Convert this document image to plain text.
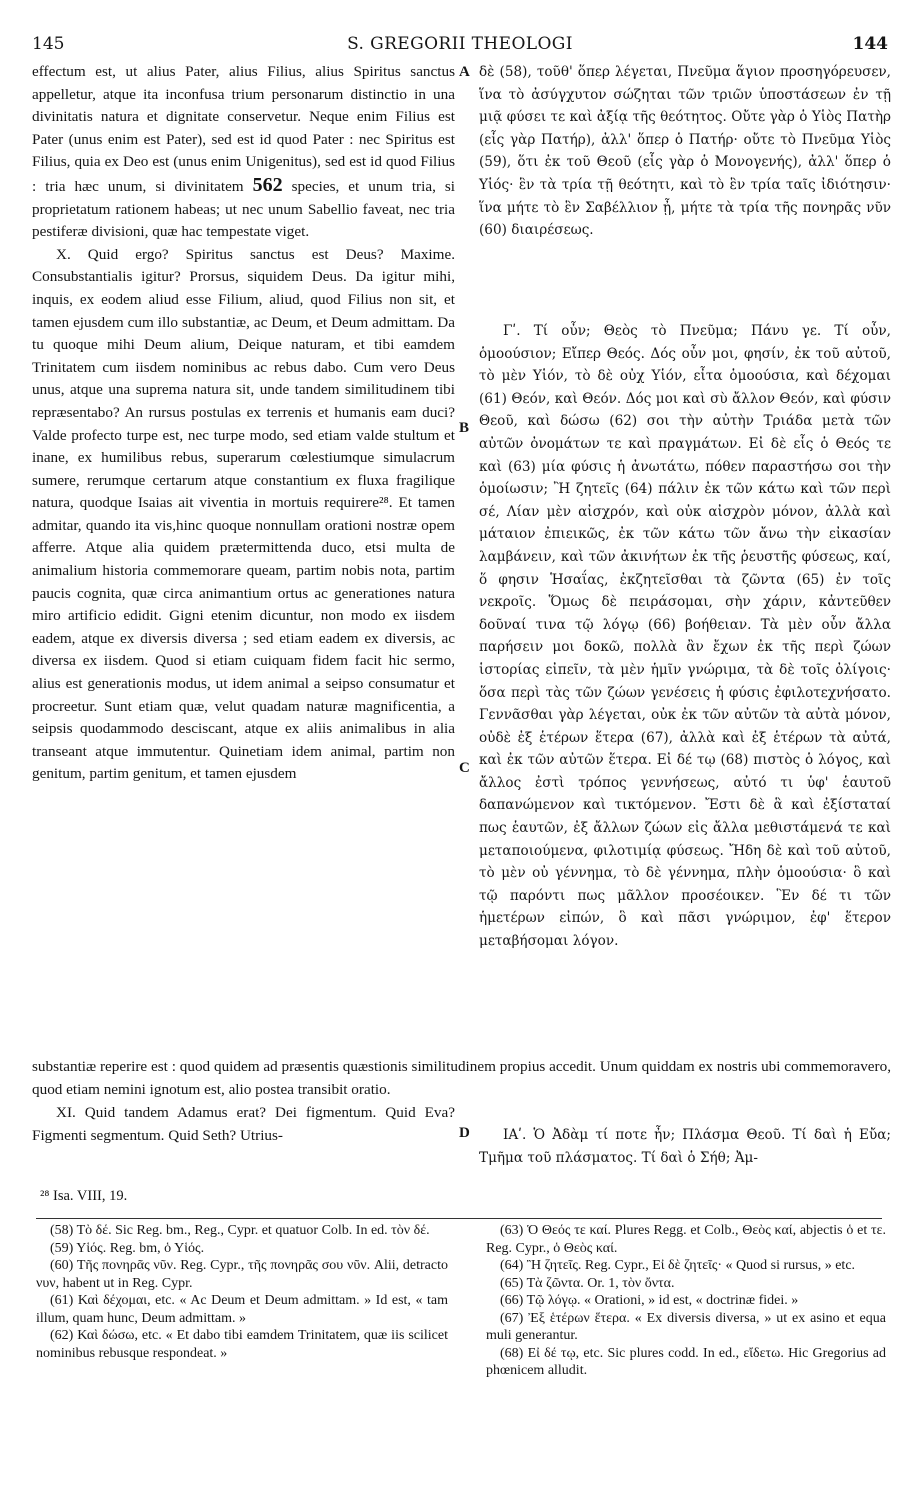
145	S. GREGORII THEOLOGI	144

effectum est, ut alius Pater, alius Filius, alius Spiritus sanctus appelletur, atque ita inconfusa trium personarum distinctio in una divinitatis natura et dignitate conservetur. Neque enim Filius est Pater (unus enim est Pater), sed est id quod Pater : nec Spiritus est Filius, quia ex Deo est (unus enim Unigenitus), sed est id quod Filius : tria hæc unum, si divinitatem 562 species, et unum tria, si proprietatum rationem habeas; ut nec unum Sabellio faveat, nec tria pestiferæ divisioni, quæ hac tempestate viget.

X. Quid ergo? Spiritus sanctus est Deus? Maxime. Consubstantialis igitur? Prorsus, siquidem Deus. Da igitur mihi, inquis, ex eodem aliud esse Filium, aliud, quod Filius non sit, et tamen ejusdem cum illo substantiæ, ac Deum, et Deum admittam. Da tu quoque mihi Deum alium, Deique naturam, et tibi eamdem Trinitatem cum iisdem nominibus ac rebus dabo. Cum vero Deus unus, atque una suprema natura sit, unde tandem similitudinem tibi repræsentabo? An rursus postulas ex terrenis et humanis eam duci? Valde profecto turpe est, nec turpe modo, sed etiam valde stultum et inane, ex humilibus rebus, superarum cœlestiumque simulacrum sumere, rerumque certarum atque constantium ex fluxa fragilique natura, quodque Isaias ait viventia in mortuis requirere²⁸. Et tamen admitar, quando ita vis,hinc quoque nonnullam orationi nostræ opem afferre. Atque alia quidem prætermittenda duco, etsi multa de animalium historia commemorare queam, partim nobis nota, partim paucis cognita, quæ circa animantium ortus ac generationes natura miro artificio edidit. Gigni etenim dicuntur, non modo ex iisdem eadem, atque ex diversis diversa ; sed etiam eadem ex diversis, ac diversa ex iisdem. Quod si etiam cuiquam fidem facit hic sermo, alius est generationis modus, ut idem animal a seipso consumatur et procreetur. Sunt etiam quæ, velut quadam naturæ magnificentia, a seipsis quodammodo desciscant, atque ex aliis animalibus in alia transeant atque immutentur. Quinetiam idem animal, partim non genitum, partim genitum, et tamen ejusdem

δὲ (58), τοῦθ' ὅπερ λέγεται, Πνεῦμα ἅγιον προσηγόρευσεν, ἵνα τὸ ἀσύγχυτον σώζηται τῶν τριῶν ὑποστάσεων ἐν τῇ μιᾷ φύσει τε καὶ ἀξίᾳ τῆς θεότητος. Οὔτε γὰρ ὁ Υἱὸς Πατὴρ (εἷς γὰρ Πατήρ), ἀλλ' ὅπερ ὁ Πατήρ· οὔτε τὸ Πνεῦμα Υἱὸς (59), ὅτι ἐκ τοῦ Θεοῦ (εἷς γὰρ ὁ Μονογενής), ἀλλ' ὅπερ ὁ Υἱός· ἓν τὰ τρία τῇ θεότητι, καὶ τὸ ἓν τρία ταῖς ἰδιότησιν· ἵνα μήτε τὸ ἓν Σαβέλλιον ᾖ, μήτε τὰ τρία τῆς πονηρᾶς νῦν (60) διαιρέσεως.

Γʹ. Τί οὖν; Θεὸς τὸ Πνεῦμα; Πάνυ γε. Τί οὖν, ὁμοούσιον; Εἴπερ Θεός. Δός οὖν μοι, φησίν, ἐκ τοῦ αὐτοῦ, τὸ μὲν Υἱόν, τὸ δὲ οὐχ Υἱόν, εἶτα ὁμοούσια, καὶ δέχομαι (61) Θεόν, καὶ Θεόν. Δός μοι καὶ σὺ ἄλλον Θεόν, καὶ φύσιν Θεοῦ, καὶ δώσω (62) σοι τὴν αὐτὴν Τριάδα μετὰ τῶν αὐτῶν ὀνομάτων τε καὶ πραγμάτων. Εἰ δὲ εἷς ὁ Θεός τε καὶ (63) μία φύσις ἡ ἀνωτάτω, πόθεν παραστήσω σοι τὴν ὁμοίωσιν; Ἢ ζητεῖς (64) πάλιν ἐκ τῶν κάτω καὶ τῶν περὶ σέ, Λίαν μὲν αἰσχρόν, καὶ οὐκ αἰσχρὸν μόνον, ἀλλὰ καὶ μάταιον ἐπιεικῶς, ἐκ τῶν κάτω τῶν ἄνω τὴν εἰκασίαν λαμβάνειν, καὶ τῶν ἀκινήτων ἐκ τῆς ῥευστῆς φύσεως, καί, ὅ φησιν Ἡσαΐας, ἐκζητεῖσθαι τὰ ζῶντα (65) ἐν τοῖς νεκροῖς. Ὅμως δὲ πειράσομαι, σὴν χάριν, κἀντεῦθεν δοῦναί τινα τῷ λόγῳ (66) βοήθειαν. Τὰ μὲν οὖν ἄλλα παρήσειν μοι δοκῶ, πολλὰ ἂν ἔχων ἐκ τῆς περὶ ζώων ἱστορίας εἰπεῖν, τὰ μὲν ἡμῖν γνώριμα, τὰ δὲ τοῖς ὀλίγοις· ὅσα περὶ τὰς τῶν ζώων γενέσεις ἡ φύσις ἐφιλοτεχνήσατο. Γεννᾶσθαι γὰρ λέγεται, οὐκ ἐκ τῶν αὐτῶν τὰ αὐτὰ μόνον, οὐδὲ ἐξ ἑτέρων ἕτερα (67), ἀλλὰ καὶ ἐξ ἑτέρων τὰ αὐτά, καὶ ἐκ τῶν αὐτῶν ἕτερα. Εἰ δέ τῳ (68) πιστὸς ὁ λόγος, καὶ ἄλλος ἐστὶ τρόπος γεννήσεως, αὐτό τι ὑφ' ἑαυτοῦ δαπανώμενον καὶ τικτόμενον. Ἔστι δὲ ἃ καὶ ἐξίσταταί πως ἑαυτῶν, ἐξ ἄλλων ζώων εἰς ἄλλα μεθιστάμενά τε καὶ μεταποιούμενα, φιλοτιμίᾳ φύσεως. Ἤδη δὲ καὶ τοῦ αὐτοῦ, τὸ μὲν οὐ γέννημα, τὸ δὲ γέννημα, πλὴν ὁμοούσια· ὃ καὶ τῷ παρόντι πως μᾶλλον προσέοικεν. Ἓν δέ τι τῶν ἡμετέρων εἰπών, ὃ καὶ πᾶσι γνώριμον, ἐφ' ἕτερον μεταβήσομαι λόγον.

A
B
C
D

substantiæ reperire est : quod quidem ad præsentis quæstionis similitudinem propius accedit. Unum quiddam ex nostris ubi commemoravero, quod etiam nemini ignotum est, alio postea transibit oratio.

XI. Quid tandem Adamus erat? Dei figmentum. Quid Eva? Figmenti segmentum. Quid Seth? Utrius-	ΙΑʹ. Ὁ Ἀδὰμ τί ποτε ἦν; Πλάσμα Θεοῦ. Τί δαὶ ἡ Εὔα; Τμῆμα τοῦ πλάσματος. Τί δαὶ ὁ Σήθ; Ἀμ-

²⁸ Isa. VIII, 19.

(58) Τὸ δέ. Sic Reg. bm., Reg., Cypr. et quatuor Colb. In ed. τὸν δέ.

(59) Υἱός. Reg. bm, ὁ Υἱός.

(60) Τῆς πονηρᾶς νῦν. Reg. Cypr., τῆς πονηρᾶς σου νῦν. Alii, detracto νυν, habent ut in Reg. Cypr.

(61) Καὶ δέχομαι, etc. « Ac Deum et Deum admittam. » Id est, « tam illum, quam hunc, Deum admittam. »

(62) Καὶ δώσω, etc. « Et dabo tibi eamdem Trinitatem, quæ iis scilicet nominibus rebusque respondeat. »

(63) Ὁ Θεός τε καί. Plures Regg. et Colb., Θεὸς καί, abjectis ὁ et τε. Reg. Cypr., ὁ Θεὸς καί.

(64) Ἢ ζητεῖς. Reg. Cypr., Εἰ δὲ ζητεῖς· « Quod si rursus, » etc.

(65) Τὰ ζῶντα. Or. 1, τὸν ὄντα.

(66) Τῷ λόγῳ. « Orationi, » id est, « doctrinæ fidei. »

(67) Ἐξ ἑτέρων ἕτερα. « Ex diversis diversa, » ut ex asino et equa muli generantur.

(68) Εἰ δέ τῳ, etc. Sic plures codd. In ed., εἴδετω. Hic Gregorius ad phœnicem alludit.
